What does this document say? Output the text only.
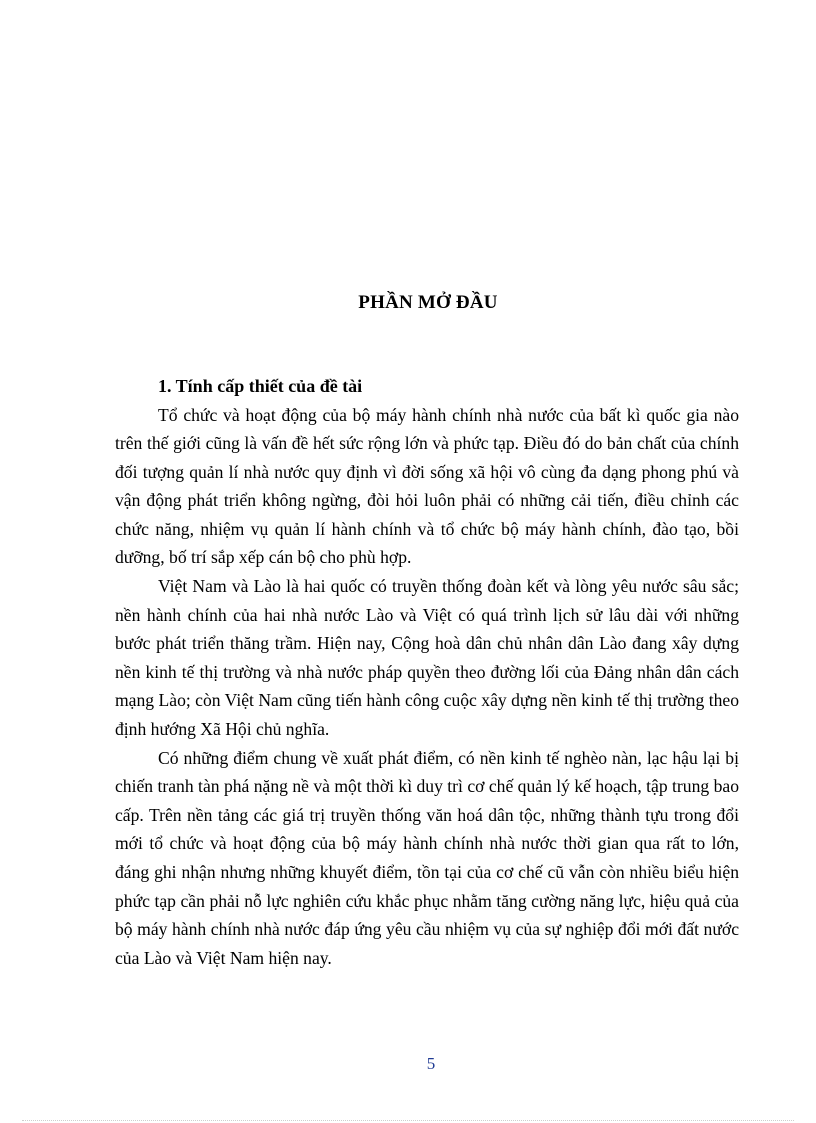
PHẦN MỞ ĐẦU
1. Tính cấp thiết của đề tài

Tổ chức và hoạt động của bộ máy hành chính nhà nước của bất kì quốc gia nào trên thế giới cũng là vấn đề hết sức rộng lớn và phức tạp. Điều đó do bản chất của chính đối tượng quản lí nhà nước quy định vì đời sống xã hội vô cùng đa dạng phong phú và vận động phát triển không ngừng, đòi hỏi luôn phải có những cải tiến, điều chỉnh các chức năng, nhiệm vụ quản lí hành chính và tổ chức bộ máy hành chính, đào tạo, bồi dưỡng, bố trí sắp xếp cán bộ cho phù hợp.

Việt Nam và Lào là hai quốc có truyền thống đoàn kết và lòng yêu nước sâu sắc; nền hành chính của hai nhà nước Lào và Việt có quá trình lịch sử lâu dài với những bước phát triển thăng trầm. Hiện nay, Cộng hoà dân chủ nhân dân Lào đang xây dựng nền kinh tế thị trường và nhà nước pháp quyền theo đường lối của Đảng nhân dân cách mạng Lào; còn Việt Nam cũng tiến hành công cuộc xây dựng nền kinh tế thị trường theo định hướng Xã Hội chủ nghĩa.

Có những điểm chung về xuất phát điểm, có nền kinh tế nghèo nàn, lạc hậu lại bị chiến tranh tàn phá nặng nề và một thời kì duy trì cơ chế quản lý kế hoạch, tập trung bao cấp. Trên nền tảng các giá trị truyền thống văn hoá dân tộc, những thành tựu trong đổi mới tổ chức và hoạt động của bộ máy hành chính nhà nước thời gian qua rất to lớn, đáng ghi nhận nhưng những khuyết điểm, tồn tại của cơ chế cũ vẫn còn nhiều biểu hiện phức tạp cần phải nỗ lực nghiên cứu khắc phục nhằm tăng cường năng lực, hiệu quả của bộ máy hành chính nhà nước đáp ứng yêu cầu nhiệm vụ của sự nghiệp đổi mới đất nước của Lào và Việt Nam hiện nay.

5
